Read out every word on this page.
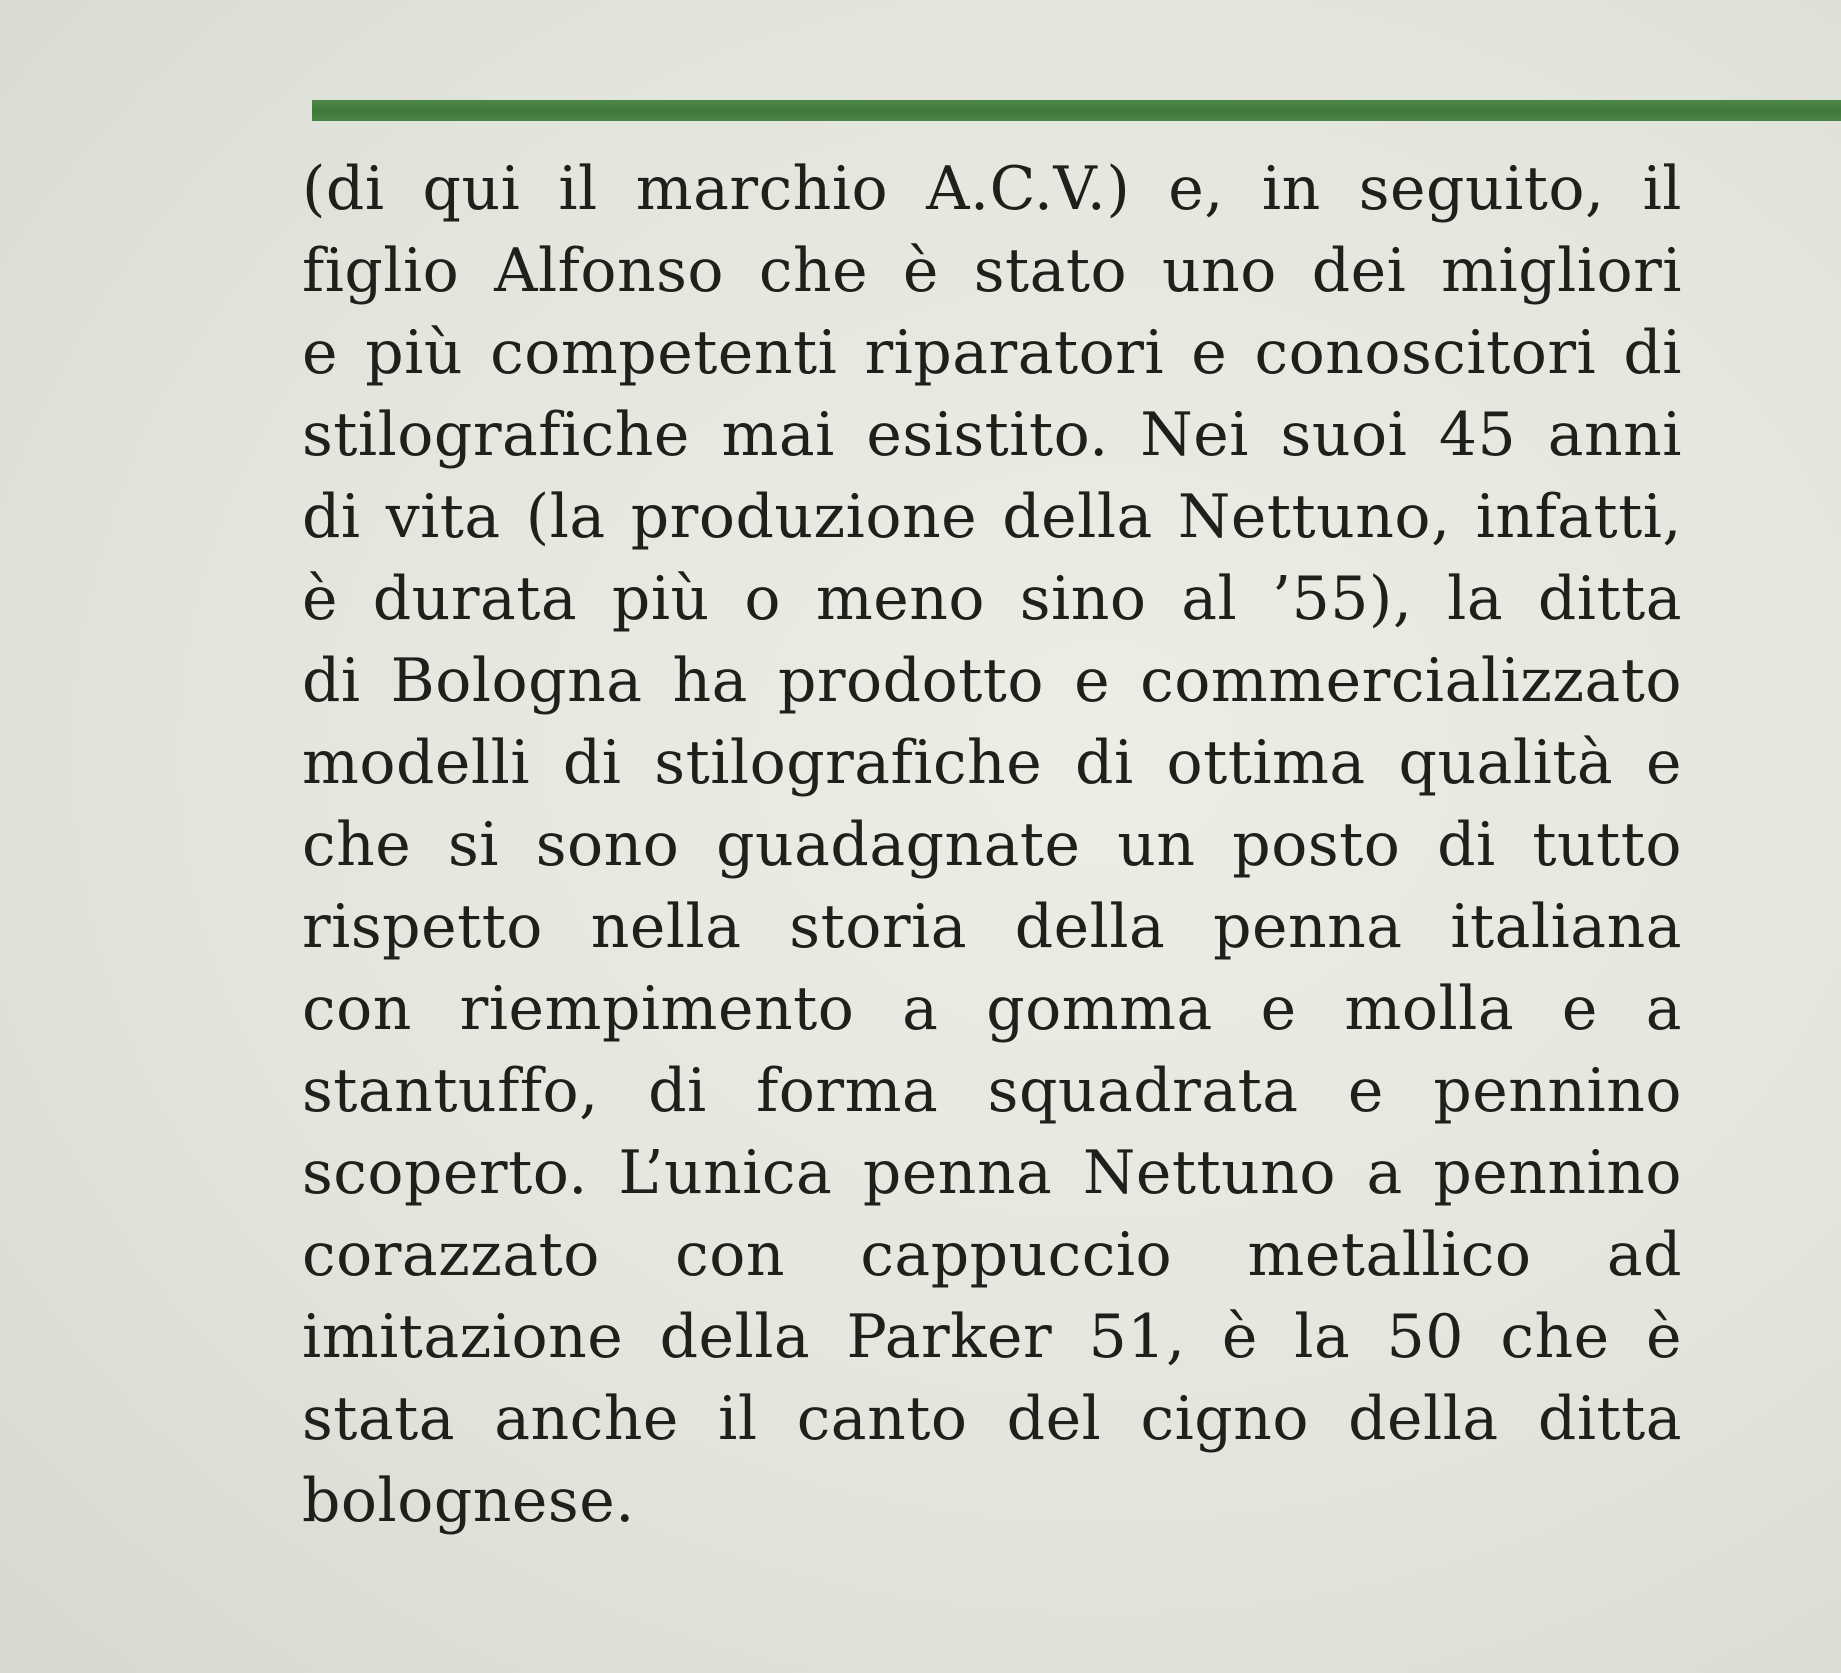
(di qui il marchio A.C.V.) e, in seguito, il
figlio Alfonso che è stato uno dei migliori
e più competenti riparatori e conoscitori di
stilografiche mai esistito. Nei suoi 45 anni
di vita (la produzione della Nettuno, infatti,
è durata più o meno sino al ’55), la ditta
di Bologna ha prodotto e commercializzato
modelli di stilografiche di ottima qualità e
che si sono guadagnate un posto di tutto
rispetto nella storia della penna italiana
con riempimento a gomma e molla e a
stantuffo, di forma squadrata e pennino
scoperto. L’unica penna Nettuno a pennino
corazzato con cappuccio metallico ad
imitazione della Parker 51, è la 50 che è
stata anche il canto del cigno della ditta
bolognese.
